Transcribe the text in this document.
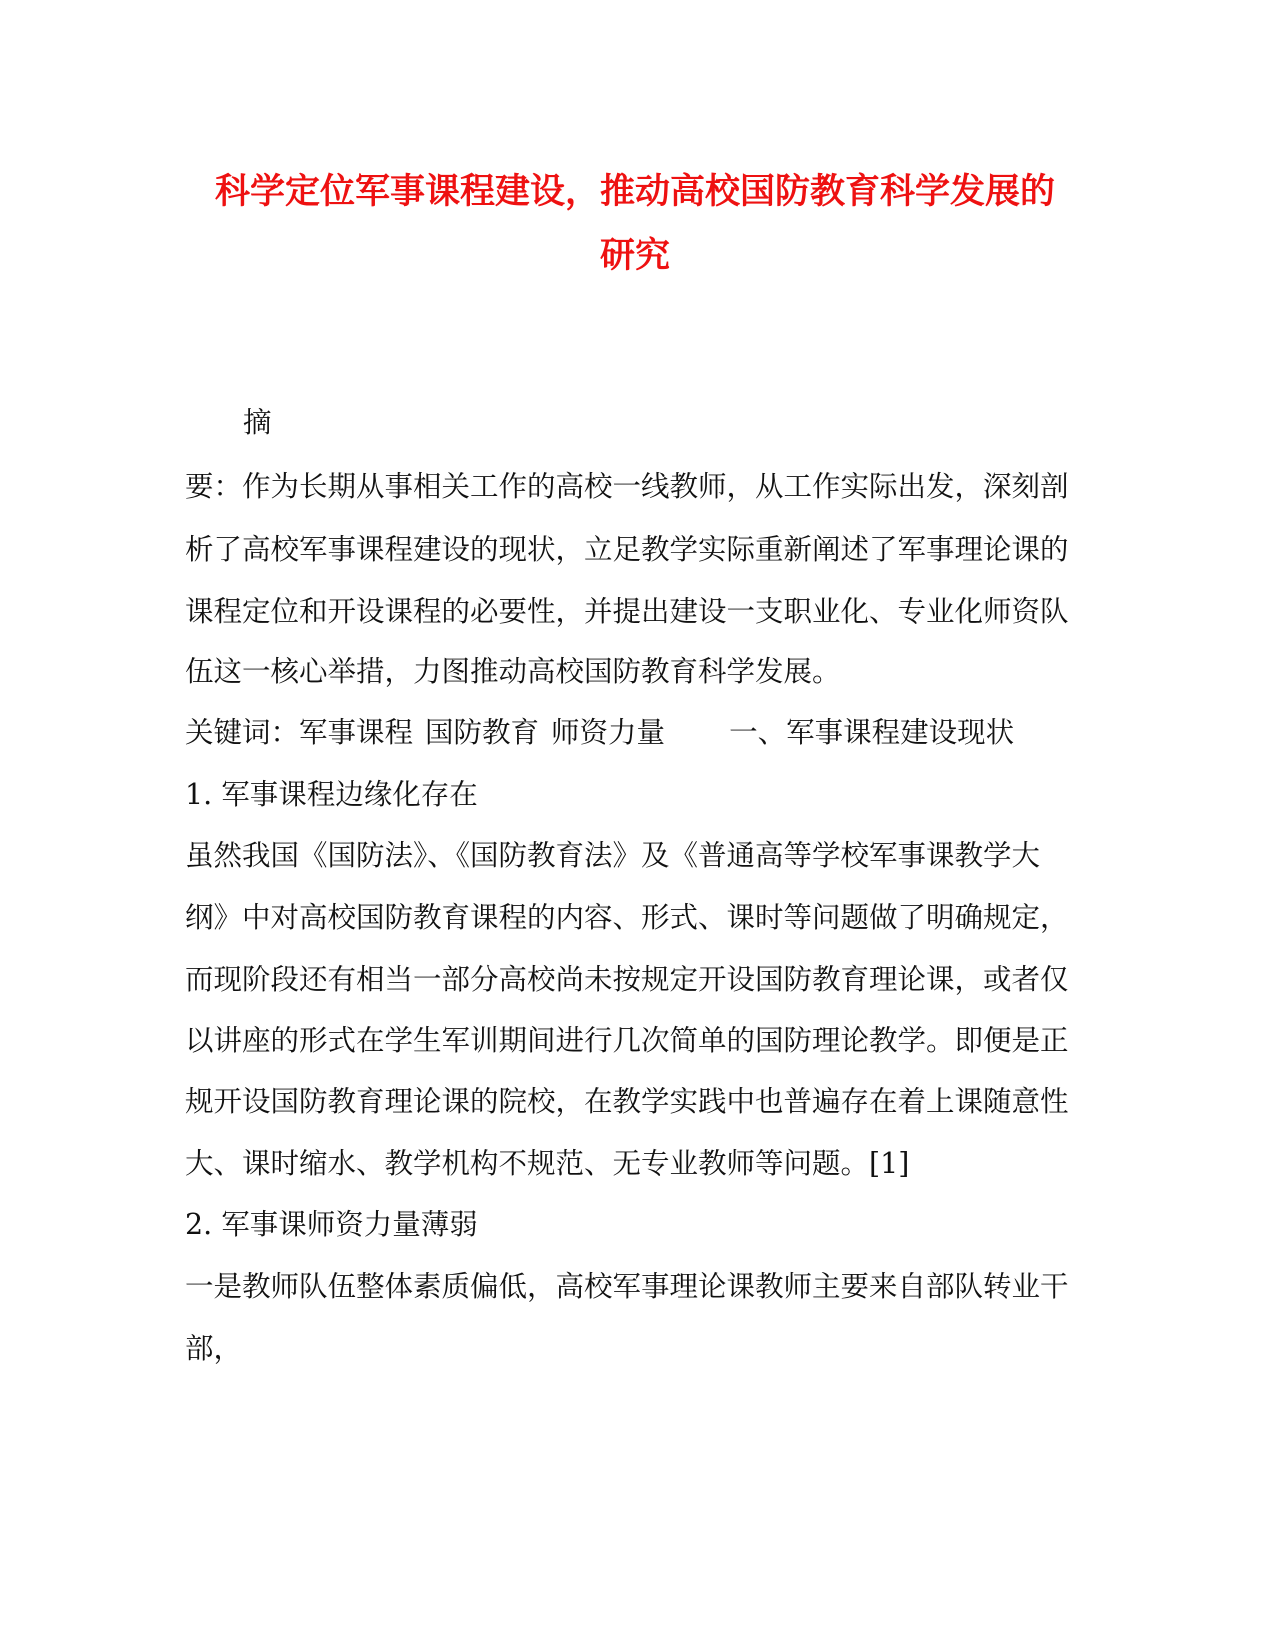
科学定位军事课程建设，推动高校国防教育科学发展的
研究
摘
要：作为长期从事相关工作的高校一线教师，从工作实际出发，深刻剖
析了高校军事课程建设的现状，立足教学实际重新阐述了军事理论课的
课程定位和开设课程的必要性，并提出建设一支职业化、专业化师资队
伍这一核心举措，力图推动高校国防教育科学发展。
关键词：军事课程 国防教育 师资力量 一、军事课程建设现状
1. 军事课程边缘化存在
虽然我国《国防法》、《国防教育法》及《普通高等学校军事课教学大
纲》中对高校国防教育课程的内容、形式、课时等问题做了明确规定，
而现阶段还有相当一部分高校尚未按规定开设国防教育理论课，或者仅
以讲座的形式在学生军训期间进行几次简单的国防理论教学。即便是正
规开设国防教育理论课的院校，在教学实践中也普遍存在着上课随意性
大、课时缩水、教学机构不规范、无专业教师等问题。[1]
2. 军事课师资力量薄弱
一是教师队伍整体素质偏低，高校军事理论课教师主要来自部队转业干
部，
